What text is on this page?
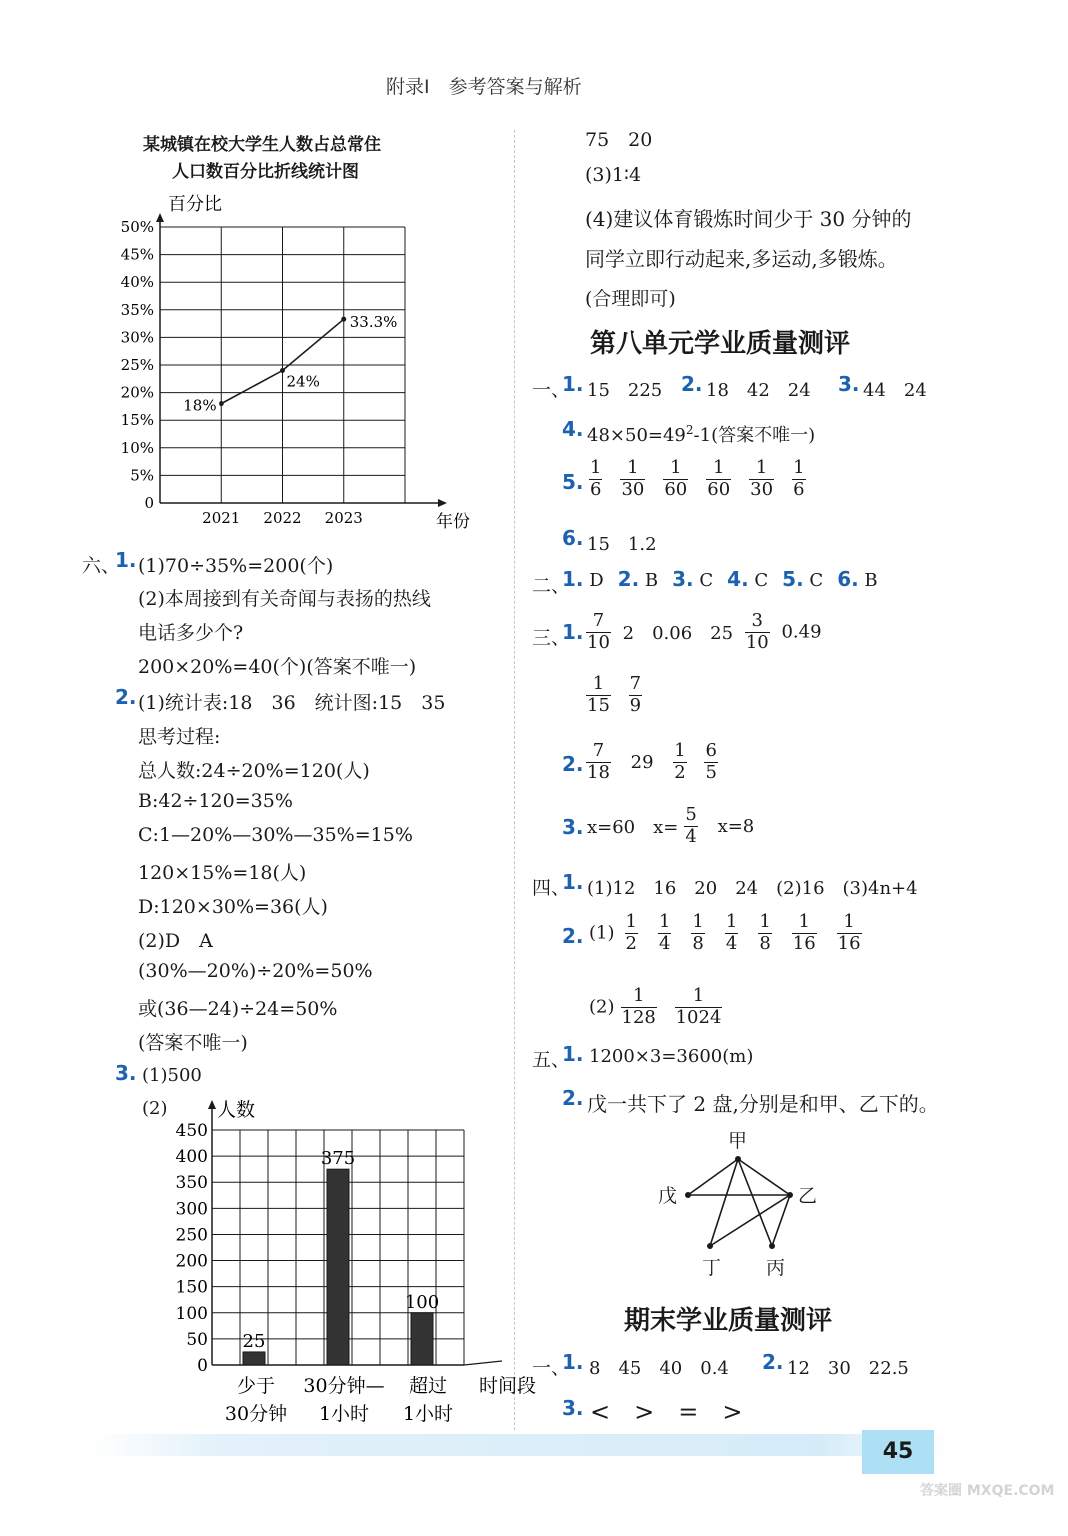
附录Ⅰ　参考答案与解析
某城镇在校大学生人数占总常住
人口数百分比折线统计图
百分比
0
5%
10%
15%
20%
25%
30%
35%
40%
45%
50%
2021 2022 2023	年份
18%
24%
33.3%
六、
1. (1)70÷35%=200(个)
(2)本周接到有关奇闻与表扬的热线
电话多少个?
200×20%=40(个)(答案不唯一)
2. (1)统计表:18　36　统计图:15　35
思考过程:
总人数:24÷20%=120(人)
B:42÷120=35%
C:1—20%—30%—35%=15%
120×15%=18(人)
D:120×30%=36(人)
(2)D　A
(30%—20%)÷20%=50%
或(36—24)÷24=50%
(答案不唯一)
3. (1)500
(2)	人数
0
50
100
150
200
250
300
350
400
450
25
375
100
少于 30分钟— 超过
30分钟 1小时 1小时
时间段
75　20
(3)1∶4
(4)建议体育锻炼时间少于 30 分钟的
同学立即行动起来,多运动,多锻炼。
(合理即可)
第八单元学业质量测评
一、
1. 15　225 2. 18　42　24 3. 44　24
4. $48\times 50=49^2-1$(答案不唯一)
5. $\frac{1}{6} \frac{1}{30} \frac{1}{60} \frac{1}{60} \frac{1}{30} \frac{1}{6}$
6. 15　1.2
二、
1. D 2. B 3. C 4. C 5. C 6. B
三、
1. $\frac{7}{10} 2$　0.06　$25 \frac{3}{10} 0.49$
$\frac{1}{15}$
$\frac{7}{9}$
2. $\frac{7}{18} 29 \frac{1}{2}$
$\frac{6}{5}$
3. x=60　$x= \frac{5}{4} x=8$
四、
1. (1)12　16　20　24　(2)16　(3)4n+4
2. $(1) \frac{1}{2} \frac{1}{4} \frac{1}{8} \frac{1}{4} \frac{1}{8} \frac{1}{16} \frac{1}{16}$
$(2) \frac{1}{128}$
$\frac{1}{1024}$
五、
1. 1200×3=3600(m)
2. 戊一共下了 2 盘,分别是和甲、乙下的。
甲
乙
丙
丁
戊
期末学业质量测评
一、
1. 8　45　40　0.4 2. 12　30　22.5
3. <　>　=　>
45
答案圈 MXQE.COM
